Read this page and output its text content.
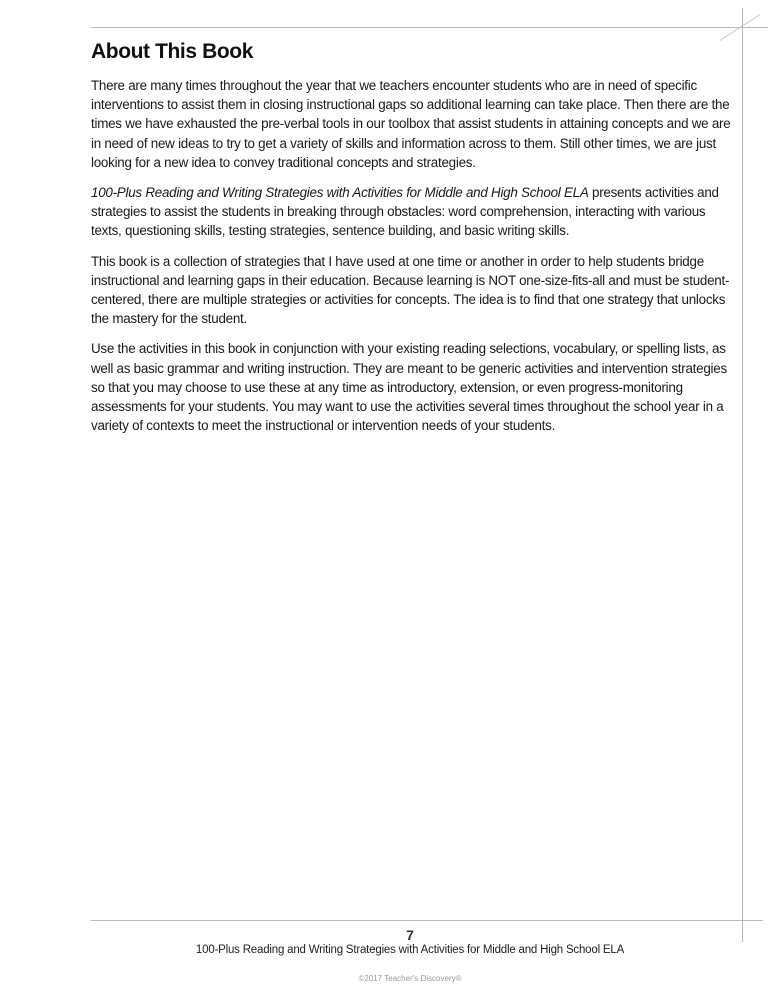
About This Book

There are many times throughout the year that we teachers encounter students who are in need of specific interventions to assist them in closing instructional gaps so additional learning can take place. Then there are the times we have exhausted the pre-verbal tools in our toolbox that assist students in attaining concepts and we are in need of new ideas to try to get a variety of skills and information across to them. Still other times, we are just looking for a new idea to convey traditional concepts and strategies.

100-Plus Reading and Writing Strategies with Activities for Middle and High School ELA presents activities and strategies to assist the students in breaking through obstacles: word comprehension, interacting with various texts, questioning skills, testing strategies, sentence building, and basic writing skills.

This book is a collection of strategies that I have used at one time or another in order to help students bridge instructional and learning gaps in their education. Because learning is NOT one-size-fits-all and must be student-centered, there are multiple strategies or activities for concepts. The idea is to find that one strategy that unlocks the mastery for the student.

Use the activities in this book in conjunction with your existing reading selections, vocabulary, or spelling lists, as well as basic grammar and writing instruction. They are meant to be generic activities and intervention strategies so that you may choose to use these at any time as introductory, extension, or even progress-monitoring assessments for your students. You may want to use the activities several times throughout the school year in a variety of contexts to meet the instructional or intervention needs of your students.

7
100-Plus Reading and Writing Strategies with Activities for Middle and High School ELA
©2017 Teacher's Discovery®
